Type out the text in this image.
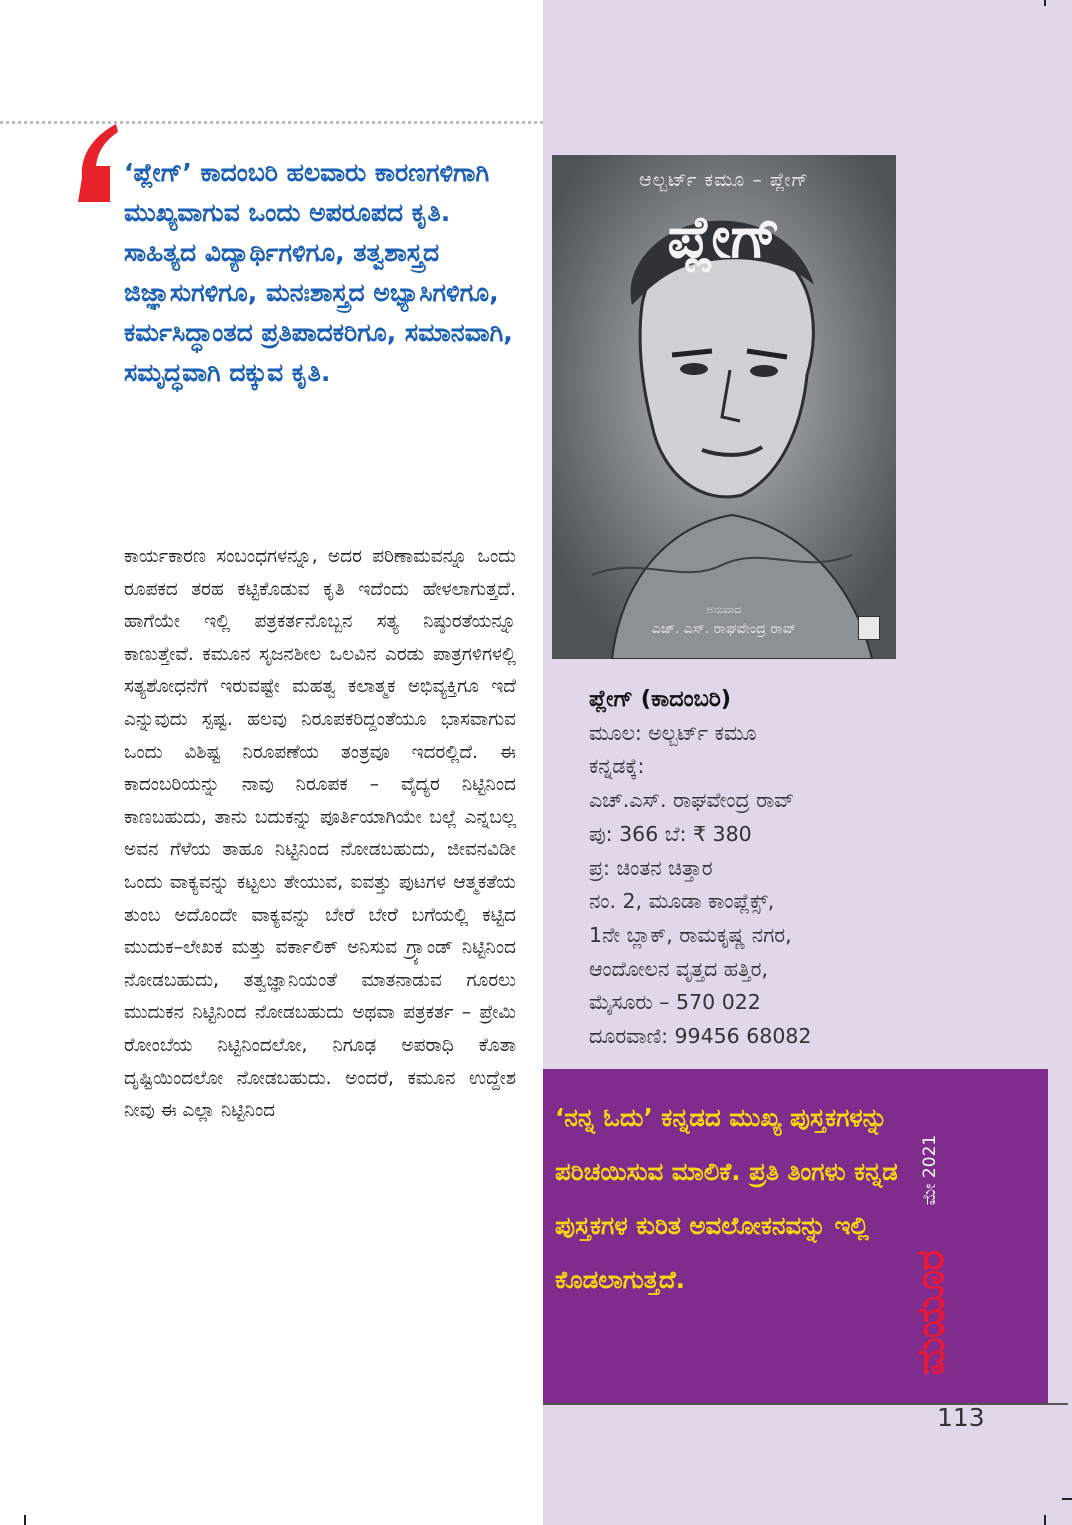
‘ಪ್ಲೇಗ್’ ಕಾದಂಬರಿ ಹಲವಾರು ಕಾರಣಗಳಿಗಾಗಿ ಮುಖ್ಯವಾಗುವ ಒಂದು ಅಪರೂಪದ ಕೃತಿ. ಸಾಹಿತ್ಯದ ವಿದ್ಯಾರ್ಥಿಗಳಿಗೂ, ತತ್ವಶಾಸ್ತ್ರದ ಜಿಜ್ಞಾಸುಗಳಿಗೂ, ಮನಃಶಾಸ್ತ್ರದ ಅಭ್ಯಾಸಿಗಳಿಗೂ, ಕರ್ಮಸಿದ್ಧಾಂತದ ಪ್ರತಿಪಾದಕರಿಗೂ, ಸಮಾನವಾಗಿ, ಸಮೃದ್ಧವಾಗಿ ದಕ್ಕುವ ಕೃತಿ.

ಕಾರ್ಯಕಾರಣ ಸಂಬಂಧಗಳನ್ನೂ, ಅದರ ಪರಿಣಾಮವನ್ನೂ ಒಂದು ರೂಪಕದ ತರಹ ಕಟ್ಟಿಕೊಡುವ ಕೃತಿ ಇದೆಂದು ಹೇಳಲಾಗುತ್ತದೆ. ಹಾಗೆಯೇ ಇಲ್ಲಿ ಪತ್ರಕರ್ತನೊಬ್ಬನ ಸತ್ಯ ನಿಷ್ಠುರತೆಯನ್ನೂ ಕಾಣುತ್ತೇವೆ. ಕಮೂನ ಸೃಜನಶೀಲ ಒಲವಿನ ಎರಡು ಪಾತ್ರಗಳಿಗಳಲ್ಲಿ ಸತ್ಯಶೋಧನೆಗೆ ಇರುವಷ್ಟೇ ಮಹತ್ವ ಕಲಾತ್ಮಕ ಅಭಿವ್ಯಕ್ತಿಗೂ ಇದೆ ಎನ್ನುವುದು ಸ್ಪಷ್ಟ. ಹಲವು ನಿರೂಪಕರಿದ್ದಂತೆಯೂ ಭಾಸವಾಗುವ ಒಂದು ವಿಶಿಷ್ಟ ನಿರೂಪಣೆಯ ತಂತ್ರವೂ ಇದರಲ್ಲಿದೆ. ಈ ಕಾದಂಬರಿಯನ್ನು ನಾವು ನಿರೂಪಕ – ವೈದ್ಯರ ನಿಟ್ಟಿನಿಂದ ಕಾಣಬಹುದು, ತಾನು ಬದುಕನ್ನು ಪೂರ್ತಿಯಾಗಿಯೇ ಬಲ್ಲೆ ಎನ್ನಬಲ್ಲ ಅವನ ಗೆಳೆಯ ತಾಹೂ ನಿಟ್ಟಿನಿಂದ ನೋಡಬಹುದು, ಜೀವನವಿಡೀ ಒಂದು ವಾಕ್ಯವನ್ನು ಕಟ್ಟಲು ತೇಯುವ, ಐವತ್ತು ಪುಟಗಳ ಆತ್ಮಕತೆಯ ತುಂಬ ಅದೊಂದೇ ವಾಕ್ಯವನ್ನು ಬೇರೆ ಬೇರೆ ಬಗೆಯಲ್ಲಿ ಕಟ್ಟಿದ ಮುದುಕ–ಲೇಖಕ ಮತ್ತು ವರ್ಕಾಲಿಕ್ ಅನಿಸುವ ಗ್ರ್ಯಾಂಡ್ ನಿಟ್ಟಿನಿಂದ ನೋಡಬಹುದು, ತತ್ವಜ್ಞಾನಿಯಂತೆ ಮಾತನಾಡುವ ಗೂರಲು ಮುದುಕನ ನಿಟ್ಟಿನಿಂದ ನೋಡಬಹುದು ಅಥವಾ ಪತ್ರಕರ್ತ – ಪ್ರೇಮಿ ರೋಂಬೆಯ ನಿಟ್ಟಿನಿಂದಲೋ, ನಿಗೂಢ ಅಪರಾಧಿ ಕೊತಾ ದೃಷ್ಟಿಯಿಂದಲೋ ನೋಡಬಹುದು. ಅಂದರೆ, ಕಮೂನ ಉದ್ದೇಶ ನೀವು ಈ ಎಲ್ಲಾ ನಿಟ್ಟಿನಿಂದ

ಆಲ್ಬರ್ಟ್ ಕಮೂ – ಪ್ಲೇಗ್
ಪ್ಲೇಗ್
ಅನುವಾದ
ಎಚ್. ಎಸ್. ರಾಘವೇಂದ್ರ ರಾವ್
ಪ್ಲೇಗ್ (ಕಾದಂಬರಿ)
ಮೂಲ: ಅಲ್ಬರ್ಟ್ ಕಮೂ
ಕನ್ನಡಕ್ಕೆ:
ಎಚ್.ಎಸ್. ರಾಘವೇಂದ್ರ ರಾವ್
ಪು: 366 ಬೆ: ₹ 380
ಪ್ರ: ಚಿಂತನ ಚಿತ್ತಾರ
ನಂ. 2, ಮೂಡಾ ಕಾಂಪ್ಲೆಕ್ಸ್,
1ನೇ ಬ್ಲಾಕ್, ರಾಮಕೃಷ್ಣ ನಗರ,
ಆಂದೋಲನ ವೃತ್ತದ ಹತ್ತಿರ,
ಮೈಸೂರು – 570 022
ದೂರವಾಣಿ: 99456 68082

‘ನನ್ನ ಓದು’ ಕನ್ನಡದ ಮುಖ್ಯ ಪುಸ್ತಕಗಳನ್ನು ಪರಿಚಯಿಸುವ ಮಾಲಿಕೆ. ಪ್ರತಿ ತಿಂಗಳು ಕನ್ನಡ ಪುಸ್ತಕಗಳ ಕುರಿತ ಅವಲೋಕನವನ್ನು ಇಲ್ಲಿ ಕೊಡಲಾಗುತ್ತದೆ.

ಮೇ 2021
ಮಯೂರ
113
